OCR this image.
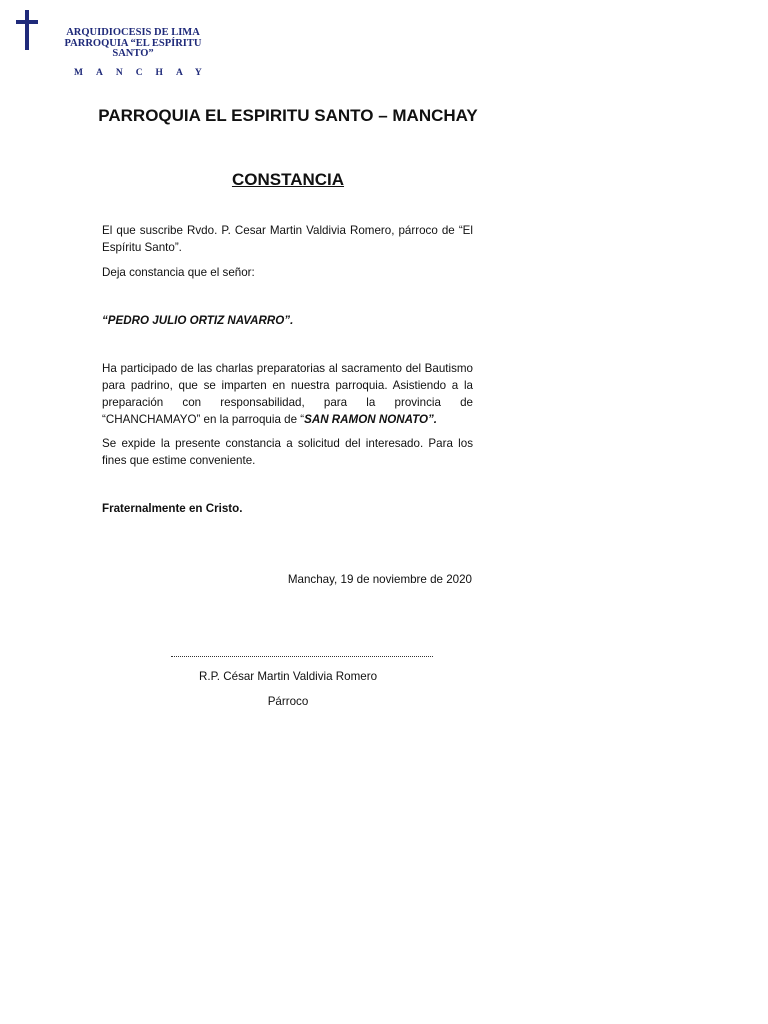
ARQUIDIOCESIS DE LIMA
PARROQUIA “EL ESPÍRITU SANTO”
MANCHAY
PARROQUIA EL ESPIRITU SANTO – MANCHAY
CONSTANCIA

El que suscribe Rvdo. P. Cesar Martin Valdivia Romero, párroco de “El Espíritu Santo”.

Deja constancia que el señor:

“PEDRO JULIO ORTIZ NAVARRO”.

Ha participado de las charlas preparatorias al sacramento del Bautismo para padrino, que se imparten en nuestra parroquia. Asistiendo a la preparación con responsabilidad, para la provincia de “CHANCHAMAYO” en la parroquia de “SAN RAMON NONATO”.

Se expide la presente constancia a solicitud del interesado. Para los fines que estime conveniente.

Fraternalmente en Cristo.

Manchay, 19 de noviembre de 2020

R.P. César Martin Valdivia Romero

Párroco
